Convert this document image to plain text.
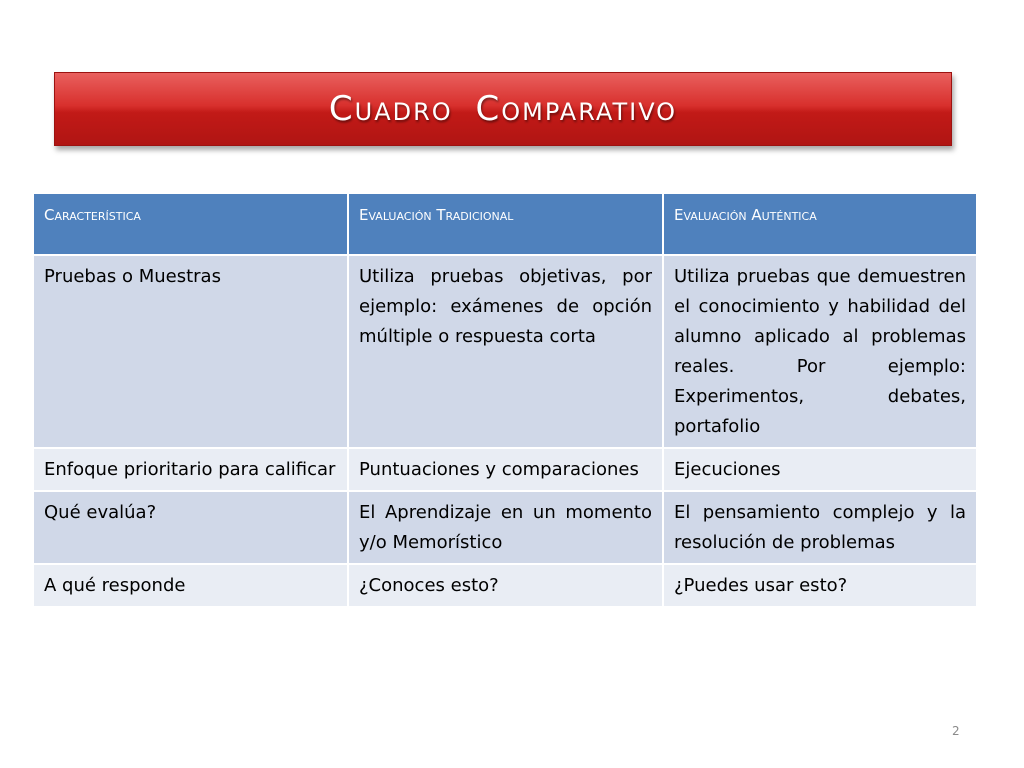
Cuadro Comparativo
Característica	Evaluación Tradicional	Evaluación Auténtica
Pruebas o Muestras	Utiliza pruebas objetivas, por ejemplo: exámenes de opción múltiple o respuesta corta	Utiliza pruebas que demuestren el conocimiento y habilidad del alumno aplicado al problemas reales. Por ejemplo: Experimentos, debates, portafolio
Enfoque prioritario para calificar	Puntuaciones y comparaciones	Ejecuciones
Qué evalúa?	El Aprendizaje en un momento y/o Memorístico	El pensamiento complejo y la resolución de problemas
A qué responde	¿Conoces esto?	¿Puedes usar esto?
2
